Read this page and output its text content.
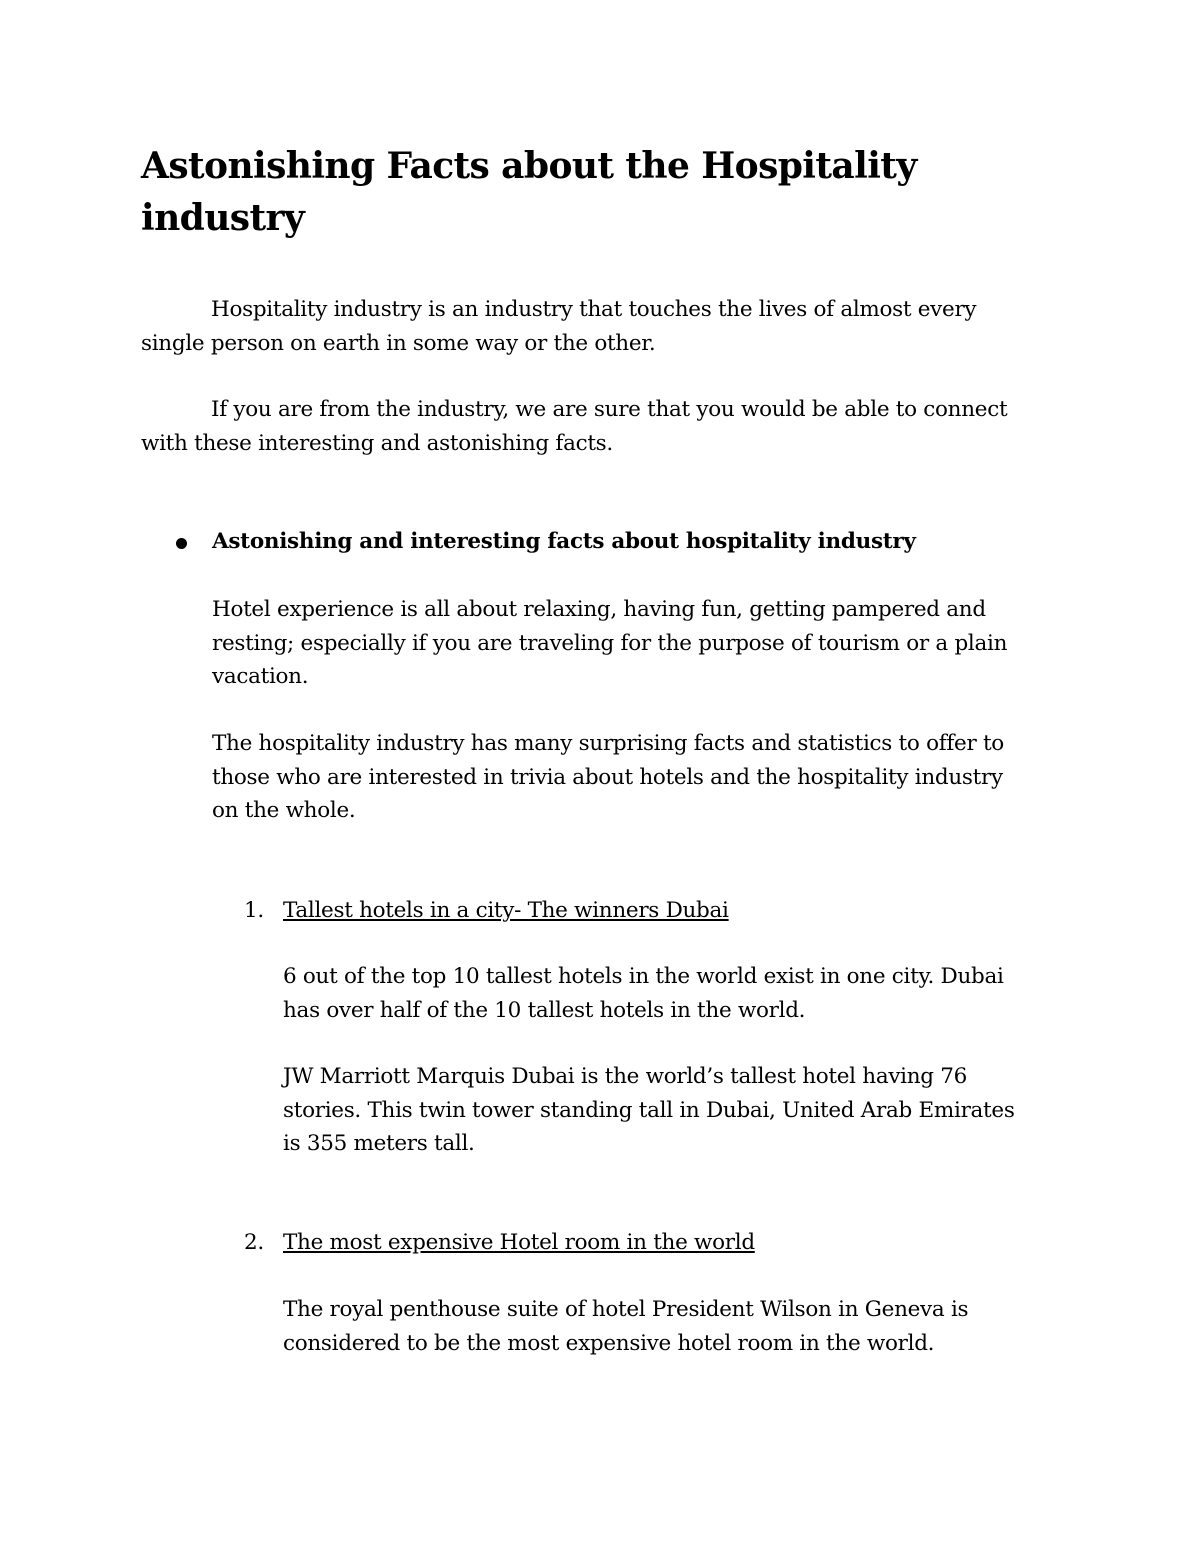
Astonishing Facts about the Hospitality industry
Hospitality industry is an industry that touches the lives of almost every
single person on earth in some way or the other.
If you are from the industry, we are sure that you would be able to connect
with these interesting and astonishing facts.
Astonishing and interesting facts about hospitality industry
Hotel experience is all about relaxing, having fun, getting pampered and
resting; especially if you are traveling for the purpose of tourism or a plain
vacation.
The hospitality industry has many surprising facts and statistics to offer to
those who are interested in trivia about hotels and the hospitality industry
on the whole.
1. Tallest hotels in a city- The winners Dubai
6 out of the top 10 tallest hotels in the world exist in one city. Dubai
has over half of the 10 tallest hotels in the world.
JW Marriott Marquis Dubai is the world’s tallest hotel having 76
stories. This twin tower standing tall in Dubai, United Arab Emirates
is 355 meters tall.
2. The most expensive Hotel room in the world
The royal penthouse suite of hotel President Wilson in Geneva is
considered to be the most expensive hotel room in the world.
